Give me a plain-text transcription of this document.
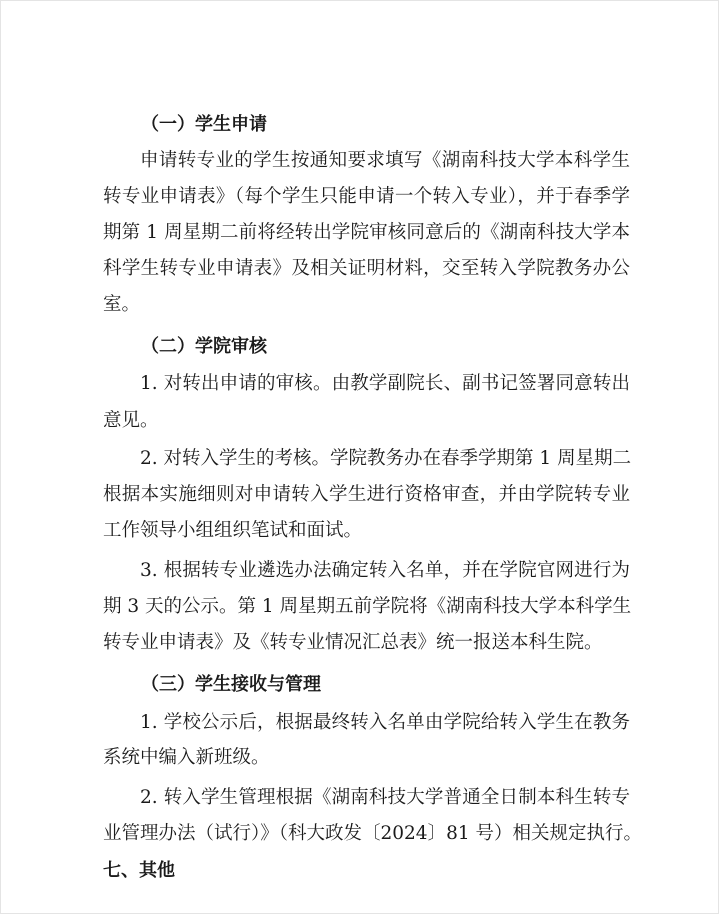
（一）学生申请
申请转专业的学生按通知要求填写《湖南科技大学本科学生
转专业申请表》（每个学生只能申请一个转入专业），并于春季学
期第 1 周星期二前将经转出学院审核同意后的《湖南科技大学本
科学生转专业申请表》及相关证明材料，交至转入学院教务办公
室。
（二）学院审核
1. 对转出申请的审核。由教学副院长、副书记签署同意转出
意见。
2. 对转入学生的考核。学院教务办在春季学期第 1 周星期二
根据本实施细则对申请转入学生进行资格审查，并由学院转专业
工作领导小组组织笔试和面试。
3. 根据转专业遴选办法确定转入名单，并在学院官网进行为
期 3 天的公示。第 1 周星期五前学院将《湖南科技大学本科学生
转专业申请表》及《转专业情况汇总表》统一报送本科生院。
（三）学生接收与管理
1. 学校公示后，根据最终转入名单由学院给转入学生在教务
系统中编入新班级。
2. 转入学生管理根据《湖南科技大学普通全日制本科生转专
业管理办法（试行）》（科大政发〔2024〕81 号）相关规定执行。
七、其他
